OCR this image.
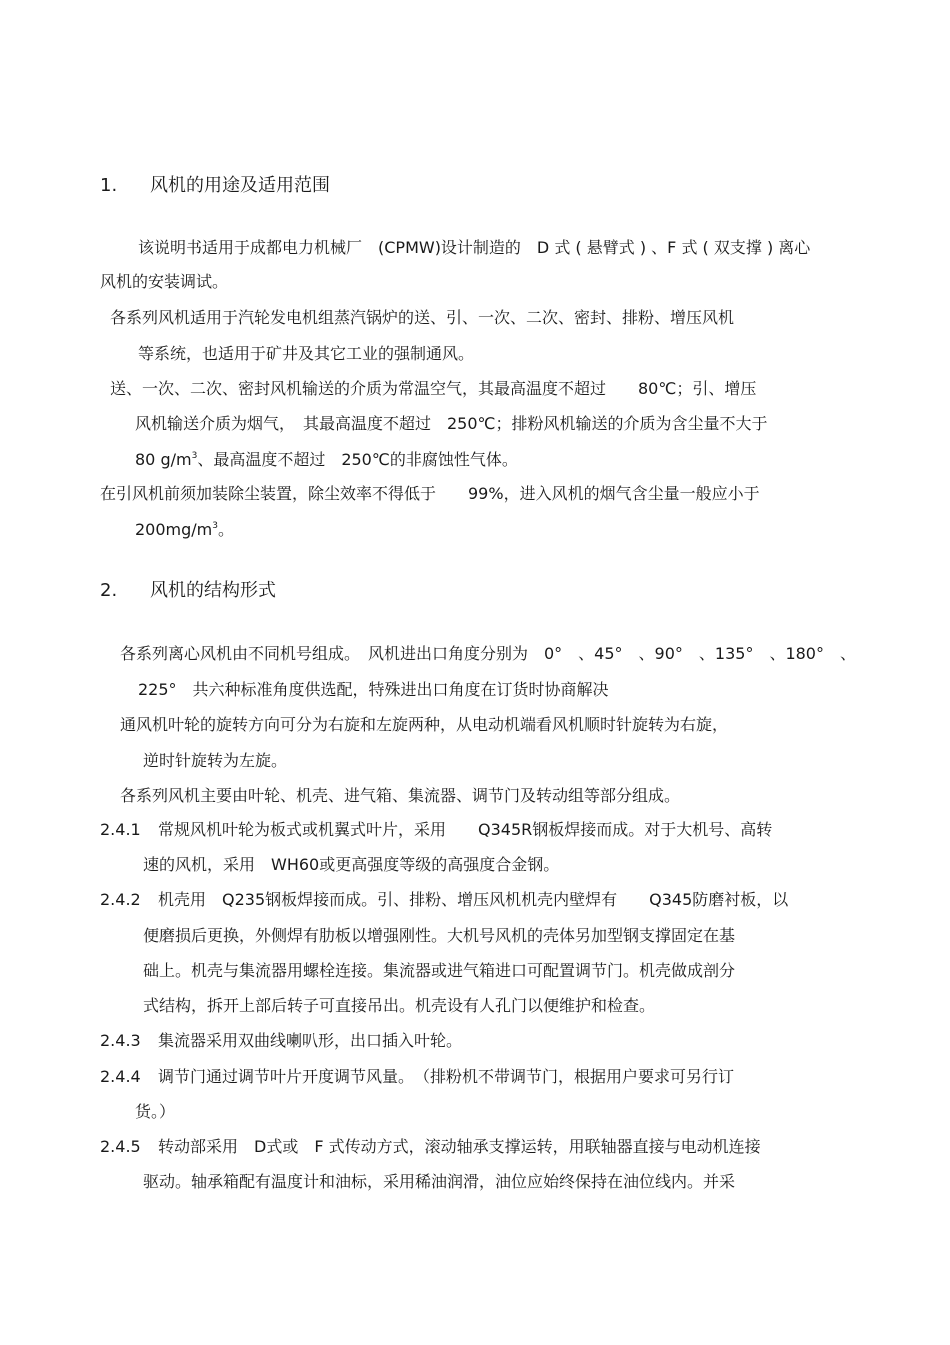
1. 风机的用途及适用范围
该说明书适用于成都电力机械厂　(CPMW)设计制造的　D 式 ( 悬臂式 ) 、F 式 ( 双支撑 ) 离心
风机的安装调试。
各系列风机适用于汽轮发电机组蒸汽锅炉的送、引、一次、二次、密封、排粉、增压风机
等系统，也适用于矿井及其它工业的强制通风。
送、一次、二次、密封风机输送的介质为常温空气，其最高温度不超过　　80℃；引、增压
风机输送介质为烟气，　其最高温度不超过　250℃；排粉风机输送的介质为含尘量不大于
80 $g/m^3$、最高温度不超过　250℃的非腐蚀性气体。
在引风机前须加装除尘装置，除尘效率不得低于　　99%，进入风机的烟气含尘量一般应小于
$200mg/m^3$。
2. 风机的结构形式
各系列离心风机由不同机号组成。　风机进出口角度分别为　0°　、45°　、90°　、135°　、180°　、
225°　共六种标准角度供选配，特殊进出口角度在订货时协商解决
通风机叶轮的旋转方向可分为右旋和左旋两种，从电动机端看风机顺时针旋转为右旋，
逆时针旋转为左旋。
各系列风机主要由叶轮、机壳、进气箱、集流器、调节门及转动组等部分组成。
2.4.1 常规风机叶轮为板式或机翼式叶片，采用　　Q345R钢板焊接而成。对于大机号、高转
速的风机，采用　WH60或更高强度等级的高强度合金钢。
2.4.2 机壳用　Q235钢板焊接而成。引、排粉、增压风机机壳内壁焊有　　Q345防磨衬板，以
便磨损后更换，外侧焊有肋板以增强刚性。大机号风机的壳体另加型钢支撑固定在基
础上。机壳与集流器用螺栓连接。集流器或进气箱进口可配置调节门。机壳做成剖分
式结构，拆开上部后转子可直接吊出。机壳设有人孔门以便维护和检查。
2.4.3 集流器采用双曲线喇叭形，出口插入叶轮。
2.4.4 调节门通过调节叶片开度调节风量。　（排粉机不带调节门，根据用户要求可另行订
货。）
2.4.5 转动部采用　D式或　F 式传动方式，滚动轴承支撑运转，用联轴器直接与电动机连接
驱动。轴承箱配有温度计和油标，采用稀油润滑，油位应始终保持在油位线内。并采
